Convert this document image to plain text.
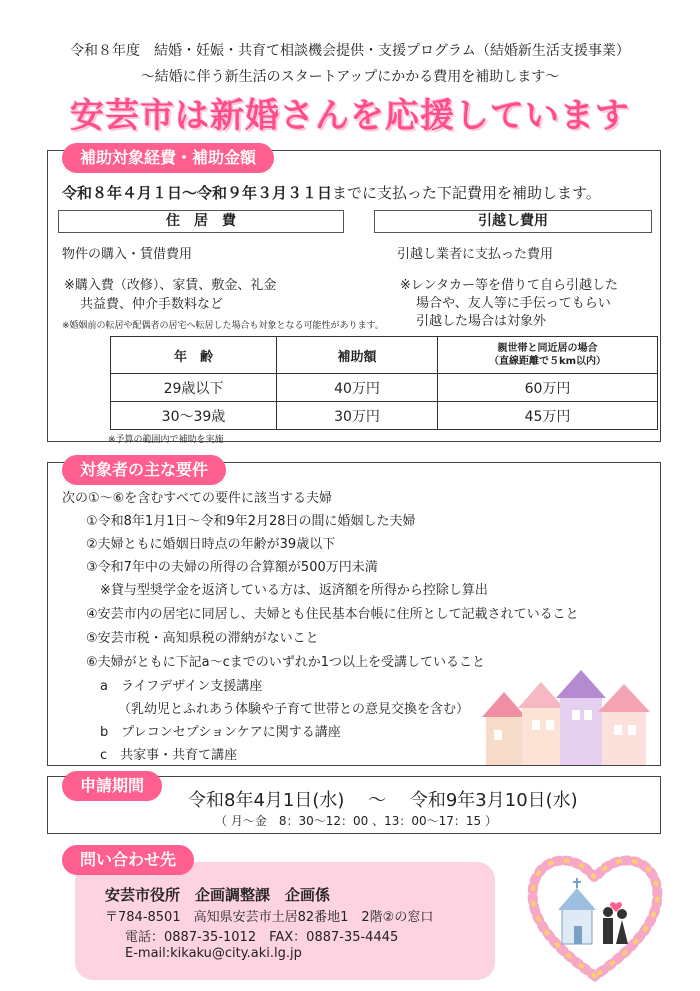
令和８年度　結婚・妊娠・共育て相談機会提供・支援プログラム（結婚新生活支援事業）
～結婚に伴う新生活のスタートアップにかかる費用を補助します～
安芸市は新婚さんを応援しています
補助対象経費・補助金額
令和８年４月１日～令和９年３月３１日までに支払った下記費用を補助します。
住　居　費	引越し費用
物件の購入・賃借費用
※購入費（改修）、家賃、敷金、礼金
共益費、仲介手数料など
※婚姻前の転居や配偶者の居宅へ転居した場合も対象となる可能性があります。
引越し業者に支払った費用
※レンタカー等を借りて自ら引越した
場合や、友人等に手伝ってもらい
引越した場合は対象外
年　齢	補助額	親世帯と同近居の場合
（直線距離で５km以内）

29歳以下	40万円	60万円
30～39歳	30万円	45万円
※予算の範囲内で補助を実施
対象者の主な要件
次の①～⑥を含むすべての要件に該当する夫婦
①令和8年1月1日～令和9年2月28日の間に婚姻した夫婦
②夫婦ともに婚姻日時点の年齢が39歳以下
③令和7年中の夫婦の所得の合算額が500万円未満
※貸与型奨学金を返済している方は、返済額を所得から控除し算出
④安芸市内の居宅に同居し、夫婦とも住民基本台帳に住所として記載されていること
⑤安芸市税・高知県税の滞納がないこと
⑥夫婦がともに下記a～cまでのいずれか1つ以上を受講していること
a　ライフデザイン支援講座
（乳幼児とふれあう体験や子育て世帯との意見交換を含む）
b　プレコンセプションケアに関する講座
c　共家事・共育て講座
申請期間
令和8年4月1日(水)　 ～　 令和9年3月10日(水)
（ 月～金　8：30～12：00 、13：00～17：15 ）
問い合わせ先
安芸市役所　企画調整課　企画係
〒784-8501　高知県安芸市土居82番地1　2階②の窓口
電話：0887-35-1012　FAX：0887-35-4445
E-mail:kikaku@city.aki.lg.jp
